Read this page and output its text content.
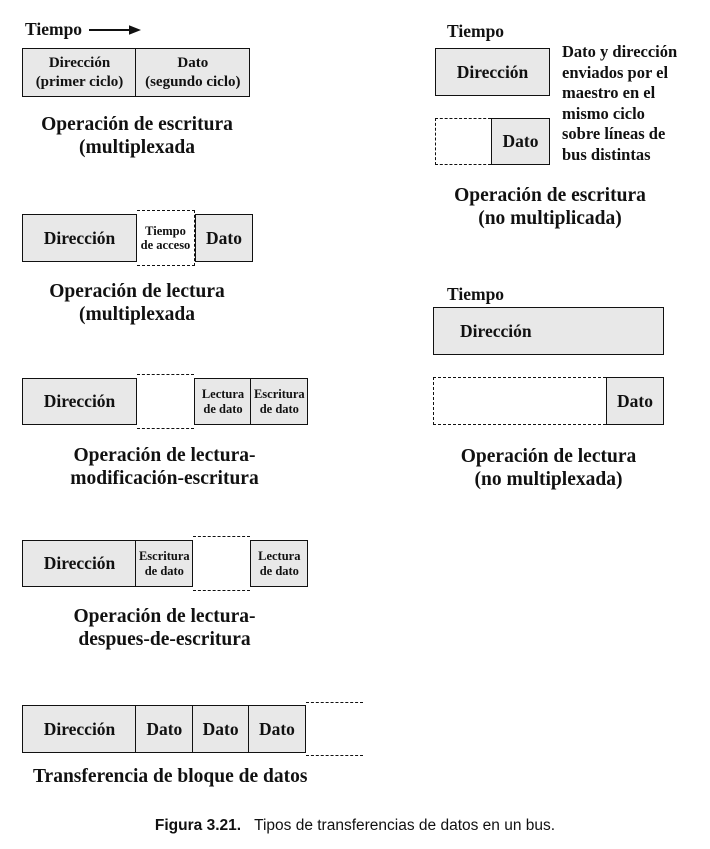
Tiempo
Dirección
(primer ciclo)
Dato
(segundo ciclo)
Operación de escritura
(multiplexada
Dirección Tiempo
de acceso Dato
Operación de lectura
(multiplexada
Dirección	Lectura
de dato
Escritura
de dato
Operación de lectura-
modificación-escritura
Dirección Escritura
de dato
Lectura
de dato
Operación de lectura-
despues-de-escritura
Dirección Dato Dato Dato
Transferencia de bloque de datos
Tiempo
Dirección
Dato
Dato y dirección
enviados por el
maestro en el
mismo ciclo
sobre líneas de
bus distintas
Operación de escritura
(no multiplicada)
Tiempo
Dirección
Dato
Operación de lectura
(no multiplexada)
Figura 3.21. Tipos de transferencias de datos en un bus.
